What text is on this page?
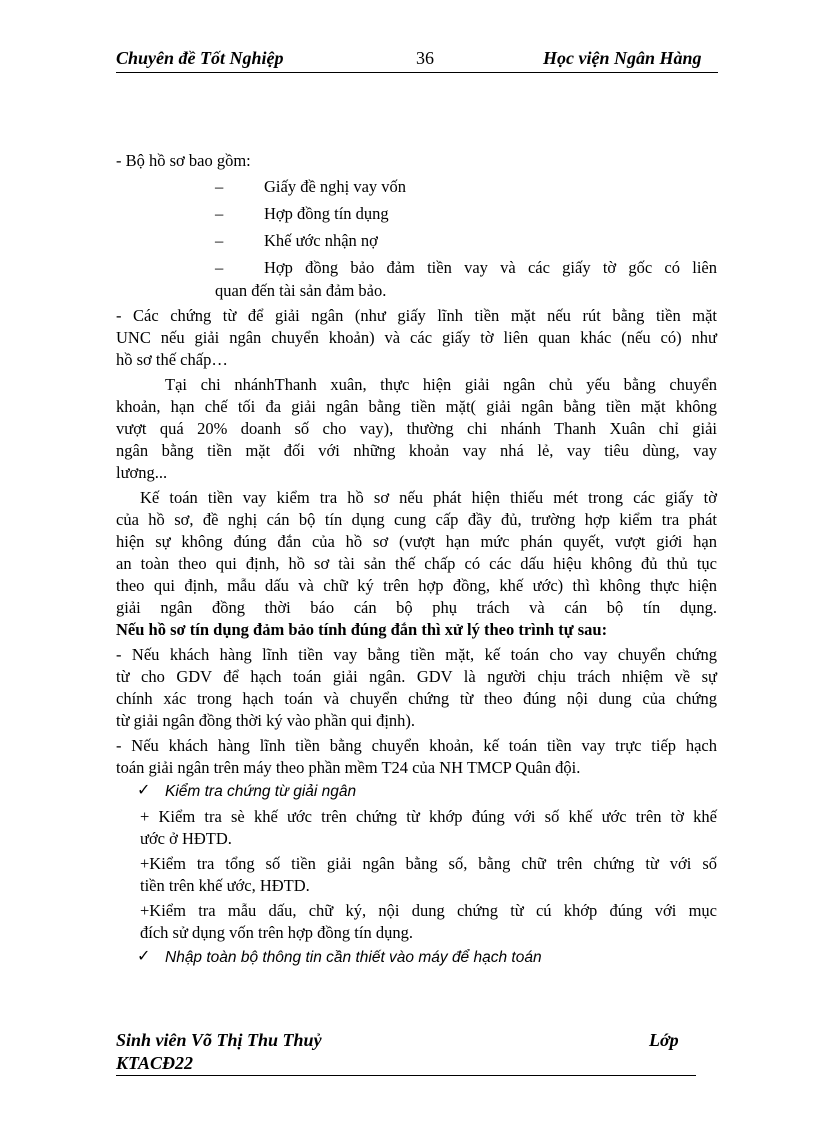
Chuyên đề Tốt Nghiệp	36	Học viện Ngân Hàng
- Bộ hồ sơ bao gồm:
– Giấy đề nghị vay vốn
– Hợp đồng tín dụng
– Khế ước nhận nợ
– Hợp đồng bảo đảm tiền vay và các giấy tờ gốc có liên
quan đến tài sản đảm bảo.
- Các chứng từ để giải ngân (như giấy lĩnh tiền mặt nếu rút bằng tiền mặt
UNC nếu giải ngân chuyển khoản) và các giấy tờ liên quan khác (nếu có) như
hồ sơ thế chấp…
Tại chi nhánhThanh xuân, thực hiện giải ngân chủ yếu bằng chuyển
khoản, hạn chế tối đa giải ngân bằng tiền mặt( giải ngân bằng tiền mặt không
vượt quá 20% doanh số cho vay), thường chi nhánh Thanh Xuân chỉ giải
ngân bằng tiền mặt đối với những khoản vay nhá lẻ, vay tiêu dùng, vay
lương...
Kế toán tiền vay kiểm tra hồ sơ nếu phát hiện thiếu mét trong các giấy tờ
của hồ sơ, đề nghị cán bộ tín dụng cung cấp đầy đủ, trường hợp kiểm tra phát
hiện sự không đúng đắn của hồ sơ (vượt hạn mức phán quyết, vượt giới hạn
an toàn theo qui định, hồ sơ tài sản thế chấp có các dấu hiệu không đủ thủ tục
theo qui định, mẫu dấu và chữ ký trên hợp đồng, khế ước) thì không thực hiện
giải ngân đồng thời báo cán bộ phụ trách và cán bộ tín dụng.
Nếu hồ sơ tín dụng đảm bảo tính đúng đắn thì xử lý theo trình tự sau:
- Nếu khách hàng lĩnh tiền vay bằng tiền mặt, kế toán cho vay chuyển chứng
từ cho GDV để hạch toán giải ngân. GDV là người chịu trách nhiệm về sự
chính xác trong hạch toán và chuyển chứng từ theo đúng nội dung của chứng
từ giải ngân đồng thời ký vào phần qui định).
- Nếu khách hàng lĩnh tiền bằng chuyển khoản, kế toán tiền vay trực tiếp hạch
toán giải ngân trên máy theo phần mềm T24 của NH TMCP Quân đội.
✓ Kiểm tra chứng từ giải ngân
+ Kiểm tra sè khế ước trên chứng từ khớp đúng với số khế ước trên tờ khế
ước ở HĐTD.
+Kiểm tra tổng số tiền giải ngân bằng số, bằng chữ trên chứng từ với số
tiền trên khế ước, HĐTD.
+Kiểm tra mẫu dấu, chữ ký, nội dung chứng từ cú khớp đúng với mục
đích sử dụng vốn trên hợp đồng tín dụng.
✓ Nhập toàn bộ thông tin cần thiết vào máy để hạch toán
Sinh viên Võ Thị Thu Thuỷ	Lớp
KTACĐ22
